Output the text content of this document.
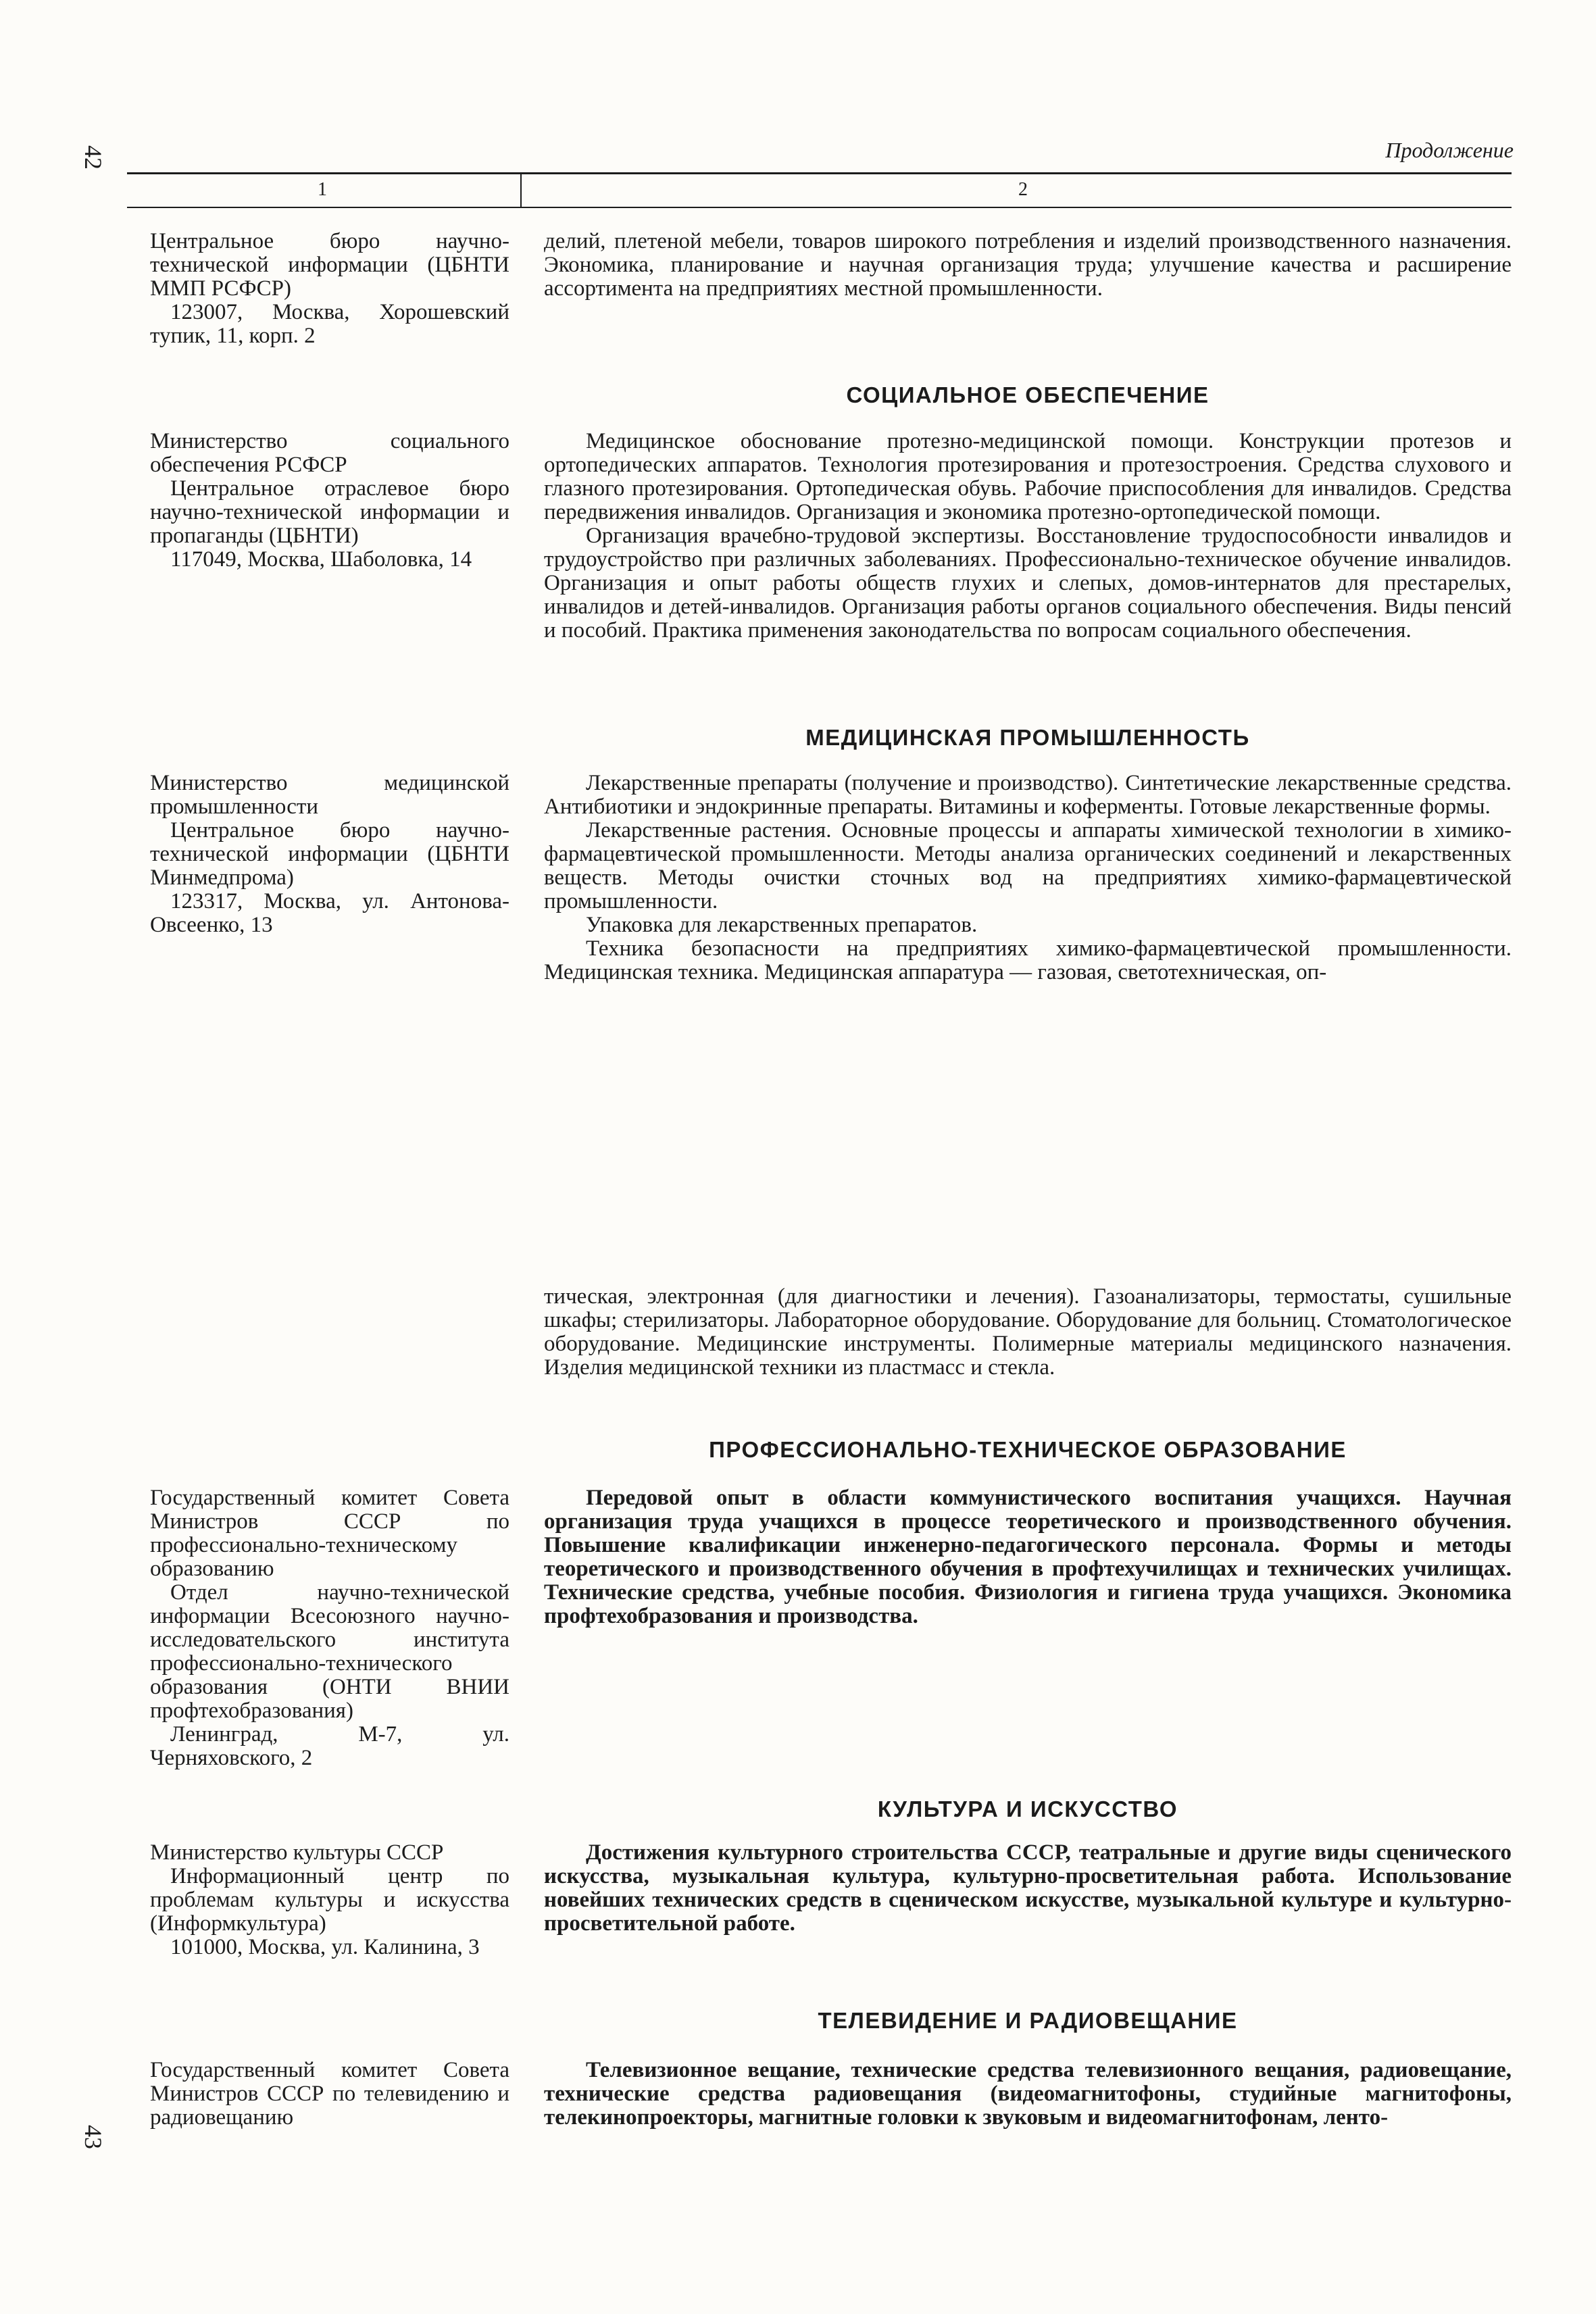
42
43
Продолжение
1	2

Центральное бюро научно-технической информации (ЦБНТИ ММП РСФСР)

123007, Москва, Хорошевский тупик, 11, корп. 2

делий, плетеной мебели, товаров широкого потребления и изделий производственного назначения. Экономика, планирование и научная организация труда; улучшение качества и расширение ассортимента на предприятиях местной промышленности.

СОЦИАЛЬНОЕ ОБЕСПЕЧЕНИЕ

Министерство социального обеспечения РСФСР

Центральное отраслевое бюро научно-технической информации и пропаганды (ЦБНТИ)

117049, Москва, Шаболовка, 14

Медицинское обоснование протезно-медицинской помощи. Конструкции протезов и ортопедических аппаратов. Технология протезирования и протезостроения. Средства слухового и глазного протезирования. Ортопедическая обувь. Рабочие приспособления для инвалидов. Средства передвижения инвалидов. Организация и экономика протезно-ортопедической помощи.

Организация врачебно-трудовой экспертизы. Восстановление трудоспособности инвалидов и трудоустройство при различных заболеваниях. Профессионально-техническое обучение инвалидов. Организация и опыт работы обществ глухих и слепых, домов-интернатов для престарелых, инвалидов и детей-инвалидов. Организация работы органов социального обеспечения. Виды пенсий и пособий. Практика применения законодательства по вопросам социального обеспечения.

МЕДИЦИНСКАЯ ПРОМЫШЛЕННОСТЬ

Министерство медицинской промышленности

Центральное бюро научно-технической информации (ЦБНТИ Минмедпрома)

123317, Москва, ул. Антонова-Овсеенко, 13

Лекарственные препараты (получение и производство). Синтетические лекарственные средства. Антибиотики и эндокринные препараты. Витамины и коферменты. Готовые лекарственные формы.

Лекарственные растения. Основные процессы и аппараты химической технологии в химико-фармацевтической промышленности. Методы анализа органических соединений и лекарственных веществ. Методы очистки сточных вод на предприятиях химико-фармацевтической промышленности.

Упаковка для лекарственных препаратов.

Техника безопасности на предприятиях химико-фармацевтической промышленности. Медицинская техника. Медицинская аппаратура — газовая, светотехническая, оп-

тическая, электронная (для диагностики и лечения). Газоанализаторы, термостаты, сушильные шкафы; стерилизаторы. Лабораторное оборудование. Оборудование для больниц. Стоматологическое оборудование. Медицинские инструменты. Полимерные материалы медицинского назначения. Изделия медицинской техники из пластмасс и стекла.

ПРОФЕССИОНАЛЬНО-ТЕХНИЧЕСКОЕ ОБРАЗОВАНИЕ

Государственный комитет Совета Министров СССР по профессионально-техническому образованию

Отдел научно-технической информации Всесоюзного научно-исследовательского института профессионально-технического образования (ОНТИ ВНИИ профтехобразования)

Ленинград, М-7, ул. Черняховского, 2

Передовой опыт в области коммунистического воспитания учащихся. Научная организация труда учащихся в процессе теоретического и производственного обучения. Повышение квалификации инженерно-педагогического персонала. Формы и методы теоретического и производственного обучения в профтехучилищах и технических училищах. Технические средства, учебные пособия. Физиология и гигиена труда учащихся. Экономика профтехобразования и производства.

КУЛЬТУРА И ИСКУССТВО

Министерство культуры СССР

Информационный центр по проблемам культуры и искусства (Информкультура)

101000, Москва, ул. Калинина, 3

Достижения культурного строительства СССР, театральные и другие виды сценического искусства, музыкальная культура, культурно-просветительная работа. Использование новейших технических средств в сценическом искусстве, музыкальной культуре и культурно-просветительной работе.

ТЕЛЕВИДЕНИЕ И РАДИОВЕЩАНИЕ

Государственный комитет Совета Министров СССР по телевидению и радиовещанию

Телевизионное вещание, технические средства телевизионного вещания, радиовещание, технические средства радиовещания (видеомагнитофоны, студийные магнитофоны, телекинопроекторы, магнитные головки к звуковым и видеомагнитофонам, ленто-
